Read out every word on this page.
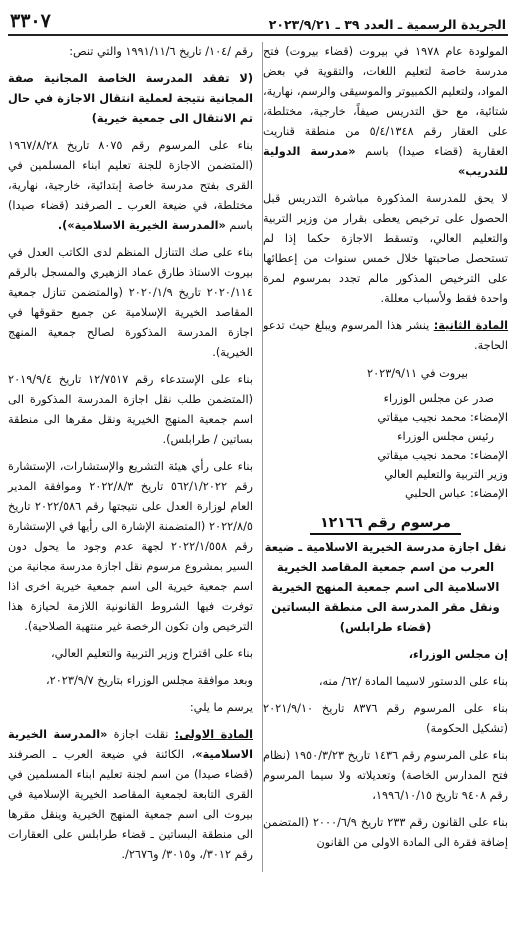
الجريدة الرسمية ـ العدد ٣٩ ـ ٢٠٢٣/٩/٢١
٣٣٠٧

المولودة عام ١٩٧٨ في بيروت (قضاء بيروت) فتح مدرسة خاصة لتعليم اللغات، والتقوية في بعض المواد، ولتعليم الكمبيوتر والموسيقى والرسم، نهارية، شتائية، مع حق التدريس صيفاً، خارجية، مختلطة، على العقار رقم ٥/٤/١٣٤٨ من منطقة قناريت العقارية (قضاء صيدا) باسم «مدرسة الدولية للتدريب»

لا يحق للمدرسة المذكورة مباشرة التدريس قبل الحصول على ترخيص يعطى بقرار من وزير التربية والتعليم العالي، وتسقط الاجازة حكما إذا لم تستحصل صاحبتها خلال خمس سنوات من إعطائها على الترخيص المذكور مالم تجدد بمرسوم لمرة واحدة فقط ولأسباب معللة.

المادة الثانية: ينشر هذا المرسوم ويبلغ حيث تدعو الحاجة.

بيروت في ٢٠٢٣/٩/١١
صدر عن مجلس الوزراء
الإمضاء: محمد نجيب ميقاتي
رئيس مجلس الوزراء
الإمضاء: محمد نجيب ميقاتي
وزير التربية والتعليم العالي
الإمضاء: عباس الحلبي
مرسوم رقم ١٢١٦٦
نقل اجازة مدرسة الخيرية الاسلامية ـ ضيعة العرب من اسم جمعية المقاصد الخيرية الاسلامية الى اسم جمعية المنهج الخيرية ونقل مقر المدرسة الى منطقة البساتين (قضاء طرابلس)

إن مجلس الوزراء،

بناء على الدستور لاسيما المادة /٦٢/ منه،

بناء على المرسوم رقم ٨٣٧٦ تاريخ ٢٠٢١/٩/١٠ (تشكيل الحكومة)

بناء على المرسوم رقم ١٤٣٦ تاريخ ١٩٥٠/٣/٢٣ (نظام فتح المدارس الخاصة) وتعديلاته ولا سيما المرسوم رقم ٩٤٠٨ تاريخ ١٩٩٦/١٠/١٥،

بناء على القانون رقم ٢٣٣ تاريخ ٢٠٠٠/٦/٩ (المتضمن إضافة فقرة الى المادة الاولى من القانون

رقم /١٠٤/ تاريخ ١٩٩١/١١/٦ والتي تنص:

(لا تفقد المدرسة الخاصة المجانية صفة المجانية نتيجة لعملية انتقال الاجازة في حال تم الانتقال الى جمعية خيرية)

بناء على المرسوم رقم ٨٠٧٥ تاريخ ١٩٦٧/٨/٢٨ (المتضمن الاجازة للجنة تعليم ابناء المسلمين في القرى بفتح مدرسة خاصة إبتدائية، خارجية، نهارية، مختلطة، في ضيعة العرب ـ الصرفند (قضاء صيدا) باسم «المدرسة الخيرية الاسلامية»).

بناء على صك التنازل المنظم لدى الكاتب العدل في بيروت الاستاذ طارق عماد الزهيري والمسجل بالرقم ٢٠٢٠/١١٤ تاريخ ٢٠٢٠/١/٩ (والمتضمن تنازل جمعية المقاصد الخيرية الإسلامية عن جميع حقوقها في اجازة المدرسة المذكورة لصالح جمعية المنهج الخيرية).

بناء على الإستدعاء رقم ١٢/٧٥١٧ تاريخ ٢٠١٩/٩/٤ (المتضمن طلب نقل اجازة المدرسة المذكورة الى اسم جمعية المنهج الخيرية ونقل مقرها الى منطقة بساتين / طرابلس).

بناء على رأي هيئة التشريع والإستشارات، الإستشارة رقم ٥٦٢/١/٢٠٢٢ تاريخ ٢٠٢٢/٨/٣ وموافقة المدير العام لوزارة العدل على نتيجتها رقم ٢٠٢٢/٥٨٦ تاريخ ٢٠٢٢/٨/٥ (المتضمنة الإشارة الى رأيها في الإستشارة رقم ٢٠٢٢/١/٥٥٨ لجهة عدم وجود ما يحول دون السير بمشروع مرسوم نقل اجازة مدرسة مجانية من اسم جمعية خيرية الى اسم جمعية خيرية اخرى اذا توفرت فيها الشروط القانونية اللازمة لحيازة هذا الترخيص وان تكون الرخصة غير منتهية الصلاحية).

بناء على اقتراح وزير التربية والتعليم العالي،

وبعد موافقة مجلس الوزراء بتاريخ ٢٠٢٣/٩/٧،

يرسم ما يلي:

المادة الاولى: نقلت اجازة «المدرسة الخيرية الاسلامية»، الكائنة في ضيعة العرب ـ الصرفند (قضاء صيدا) من اسم لجنة تعليم ابناء المسلمين في القرى التابعة لجمعية المقاصد الخيرية الإسلامية في بيروت الى اسم جمعية المنهج الخيرية وينقل مقرها الى منطقة البساتين ـ قضاء طرابلس على العقارات رقم ٣٠١٢/، و٣٠١٥/ و٢٦٧٦/.
